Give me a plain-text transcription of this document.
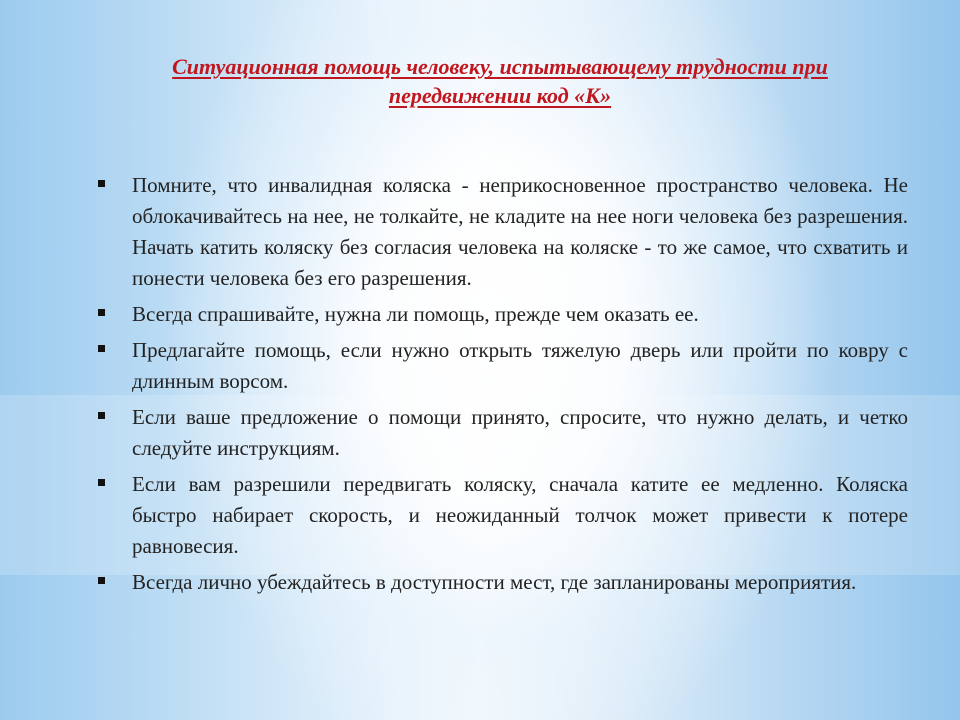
Ситуационная помощь человеку, испытывающему трудности при
передвижении код «К»
Помните, что инвалидная коляска - неприкосновенное пространство человека. Не облокачивайтесь на нее, не толкайте, не кладите на нее ноги человека без разрешения. Начать катить коляску без согласия человека на коляске - то же самое, что схватить и понести человека без его разрешения.
Всегда спрашивайте, нужна ли помощь, прежде чем оказать ее.
Предлагайте помощь, если нужно открыть тяжелую дверь или пройти по ковру с длинным ворсом.
Если ваше предложение о помощи принято, спросите, что нужно делать, и четко следуйте инструкциям.
Если вам разрешили передвигать коляску, сначала катите ее медленно. Коляска быстро набирает скорость, и неожиданный толчок может привести к потере равновесия.
Всегда лично убеждайтесь в доступности мест, где запланированы мероприятия.
